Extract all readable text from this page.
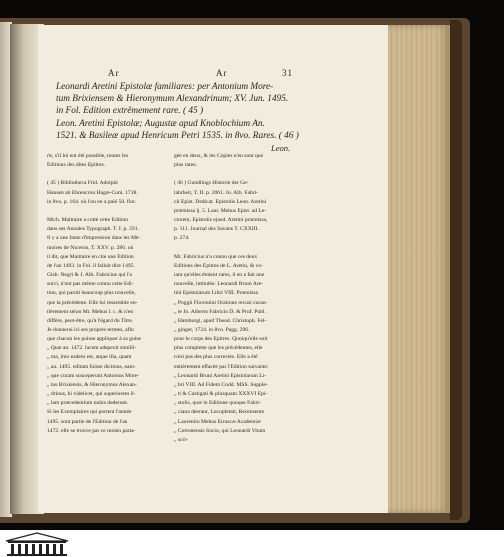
Ar	Ar	31
Leonardi Aretini Epistolæ familiares: per Antonium More-
tum Brixiensem & Hieronymum Alexandrinum; XV. Jun. 1495.
in Fol. Edition extrêmement rare. ( 45 )
Leon. Aretini Epistolæ; Augustæ apud Knoblochium An.
1521. & Basileæ apud Henricum Petri 1535. in 8vo. Rares. ( 46 )
Leon.

rit, s'il lui eut été possible, toutes les

Editions des dites Epitres.

( 45 ) Bibliotheca Frid. Adolphi

Hansen ab Ehrencron Hagæ-Com. 1718.

in 8vo. p. 164. où l'on en a paié 50. flor.

Mich. Maittaire a cotté cette Edition

dans ses Annales Typograph. T. I. p. 591.

Il y a une faute d'impression dans les Mé-

moires de Niceron, T. XXV. p. 286. où

il dit, que Maittaire en cite une Edition

de l'an 1493. in Fol. il falloit dire 1495.

Gisb. Negri & J. Alb. Fabricius qui l'a

suivi, n'ont pas même connu cette Edi-

tion, qui paroît beaucoup plus nouvelle,

que la précédente. Elle lui ressemble en-

tièrement selon Mr. Mehus l. c. & n'en

diffère, peut-être, qu'à l'égard du Titre.

Je donnerai ici ses propres termes, afin

que chacun les puisse appliquer à sa guise

„ Quæ an. 1472. lucem adspexit similli-

„ ma, imo eadem est, atque illa, quam

„ an. 1495. editam fuisse dicimus, eam-

„ que curam susceperunt Antonius More-

„ tus Brixiensis, & Hieronymus Alexan-

„ drinus, hi videlicet, qui superiorem il-

„ lam præcedentium nobis dederunt.

Si les Exemplaires qui portent l'année

1495. sont partie de l'Edition de l'an

1472. elle se trouve par ce moien parta-

gée en deux, & les Copies n'en sont que

plus rares.

( 46 ) Gundlings Historie der Ge-

lahrheit, T. II. p. 2061. Jo. Alb. Fabri-

cii Epist. Dedicat. Epistolis Leon. Aretini

præmissa §. 5. Laur. Mehus Epist. ad Le-

ctorem, Epistolis ejusd. Aretini præmissa,

p. 111. Journal des Savans T. CXXIII.

p. 274.

Mr. Fabricius n'a connu que ces deux

Editions des Epitres de L. Aretin, & vo-

iant qu'elles étoient rares, il en a fait une

nouvelle, intitulée: Leonardi Bruni Are-

tini Epistolarum Libri VIII. Præmissa

„ Poggii Florentini Oratione recusi curan-

„ te Jo. Alberto Fabricio D. & Prof. Publ.

„ Hamburgi, apud Theod. Christoph. Fel-

„ ginger, 1724. in 8vo. Pagg. 296.

pour le corps des Epitres. Quoiqu'elle soit

plus complette que les précédentes, elle

n'est pas des plus correctes. Elle a été

entièrement effacée par l'Edition suivante:

„ Leonardi Bruni Aretini Epistolarum Li-

„ bri VIII. Ad Fidem Codd. MSS. Supple-

„ ti & Castigati & plusquam XXXVI Epi-

„ stolis, quæ in Editione quoque Fabri-

„ ciana deerant, Locupletati, Recensente

„ Laurentio Mehus Etruscæ Academiæ

„ Cortonensis Socio, qui Leonardi Vitam

„ scri-
